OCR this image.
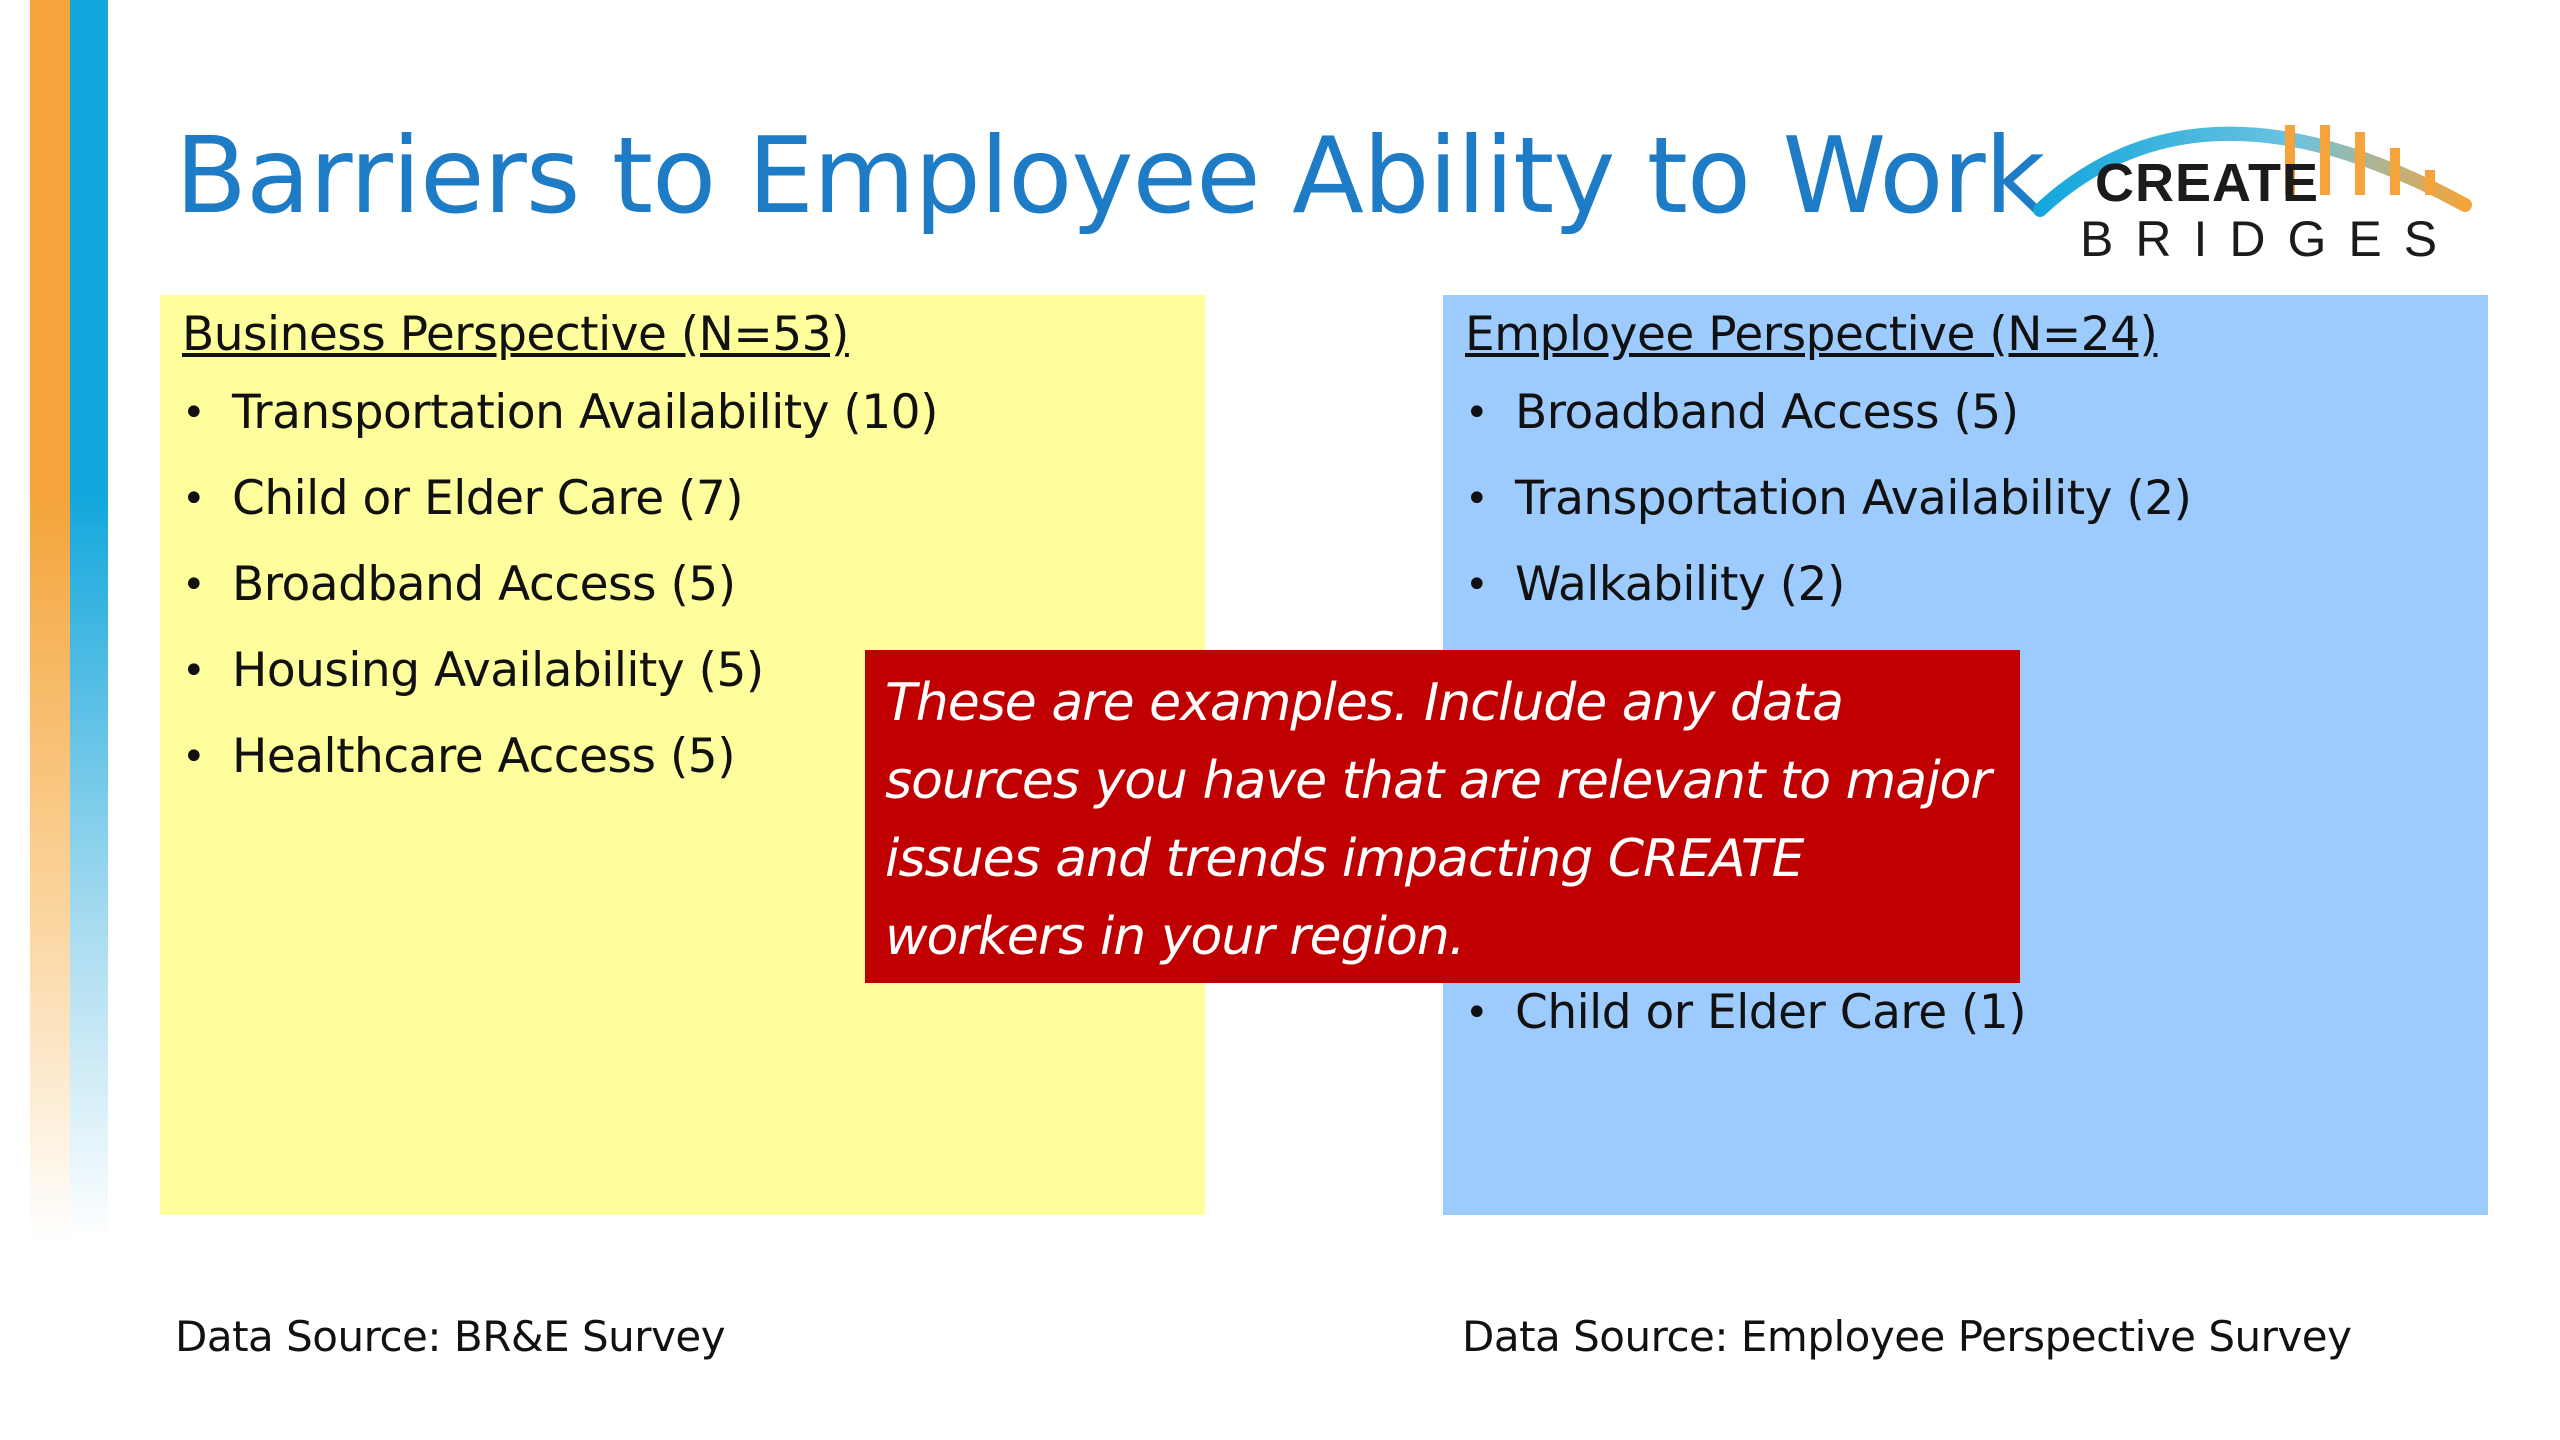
Barriers to Employee Ability to Work CREATE
BRIDGES
Business Perspective (N=53)
• Transportation Availability (10)
• Child or Elder Care (7)
• Broadband Access (5)
• Housing Availability (5)
• Healthcare Access (5)
Employee Perspective (N=24)
• Broadband Access (5)
• Transportation Availability (2)
• Walkability (2)
• Child or Elder Care (1)

These are examples. Include any data sources you have that are relevant to major issues and trends impacting CREATE workers in your region.

Data Source: BR&E Survey	Data Source: Employee Perspective Survey
